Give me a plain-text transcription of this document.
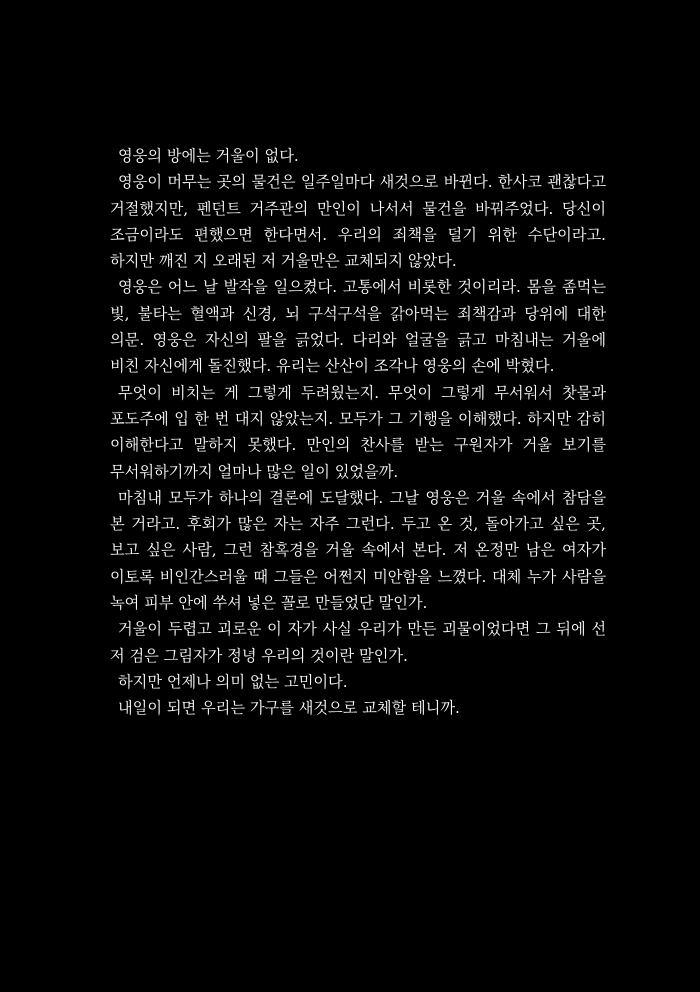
영웅의 방에는 거울이 없다.

영웅이 머무는 곳의 물건은 일주일마다 새것으로 바뀐다. 한사코 괜찮다고 거절했지만, 펜던트 거주관의 만인이 나서서 물건을 바꿔주었다. 당신이 조금이라도 편했으면 한다면서. 우리의 죄책을 덜기 위한 수단이라고. 하지만 깨진 지 오래된 저 거울만은 교체되지 않았다.

영웅은 어느 날 발작을 일으켰다. 고통에서 비롯한 것이리라. 몸을 좀먹는 빛, 불타는 혈액과 신경, 뇌 구석구석을 갉아먹는 죄책감과 당위에 대한 의문. 영웅은 자신의 팔을 긁었다. 다리와 얼굴을 긁고 마침내는 거울에 비친 자신에게 돌진했다. 유리는 산산이 조각나 영웅의 손에 박혔다.

무엇이 비치는 게 그렇게 두려웠는지. 무엇이 그렇게 무서워서 찻물과 포도주에 입 한 번 대지 않았는지. 모두가 그 기행을 이해했다. 하지만 감히 이해한다고 말하지 못했다. 만인의 찬사를 받는 구원자가 거울 보기를 무서워하기까지 얼마나 많은 일이 있었을까.

마침내 모두가 하나의 결론에 도달했다. 그날 영웅은 거울 속에서 참담을 본 거라고. 후회가 많은 자는 자주 그런다. 두고 온 것, 돌아가고 싶은 곳, 보고 싶은 사람, 그런 참혹경을 거울 속에서 본다. 저 온정만 남은 여자가 이토록 비인간스러울 때 그들은 어쩐지 미안함을 느꼈다. 대체 누가 사람을 녹여 피부 안에 쑤셔 넣은 꼴로 만들었단 말인가.

거울이 두렵고 괴로운 이 자가 사실 우리가 만든 괴물이었다면 그 뒤에 선 저 검은 그림자가 정녕 우리의 것이란 말인가.

하지만 언제나 의미 없는 고민이다.

내일이 되면 우리는 가구를 새것으로 교체할 테니까.
